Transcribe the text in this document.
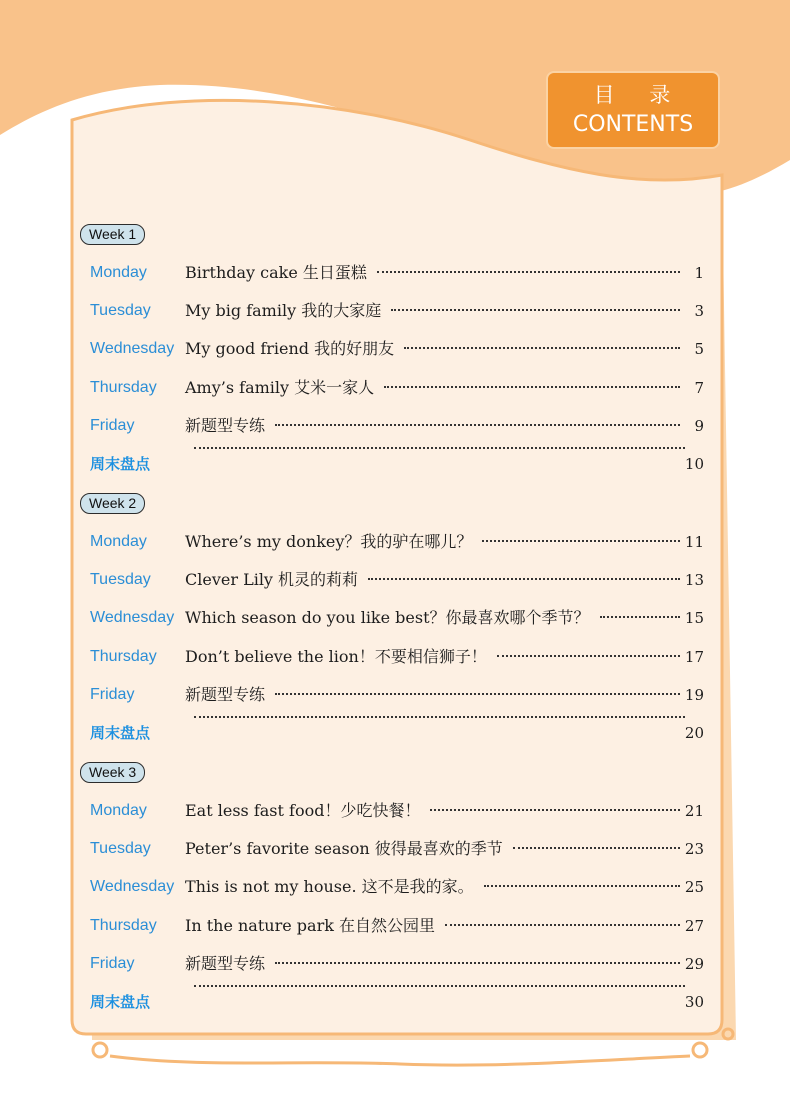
目 录
CONTENTS
Week 1
Monday Birthday cake 生日蛋糕	1
Tuesday My big family 我的大家庭	3
Wednesday My good friend 我的好朋友	5
Thursday Amy’s family 艾米一家人	7
Friday	新题型专练	9
周末盘点	10
Week 2
Monday Where’s my donkey？我的驴在哪儿？	11
Tuesday Clever Lily 机灵的莉莉	13
Wednesday Which season do you like best？你最喜欢哪个季节？	15
Thursday Don’t believe the lion！不要相信狮子！	17
Friday	新题型专练	19
周末盘点	20
Week 3
Monday Eat less fast food！少吃快餐！	21
Tuesday Peter’s favorite season 彼得最喜欢的季节	23
Wednesday This is not my house. 这不是我的家。	25
Thursday In the nature park 在自然公园里	27
Friday	新题型专练	29
周末盘点	30
